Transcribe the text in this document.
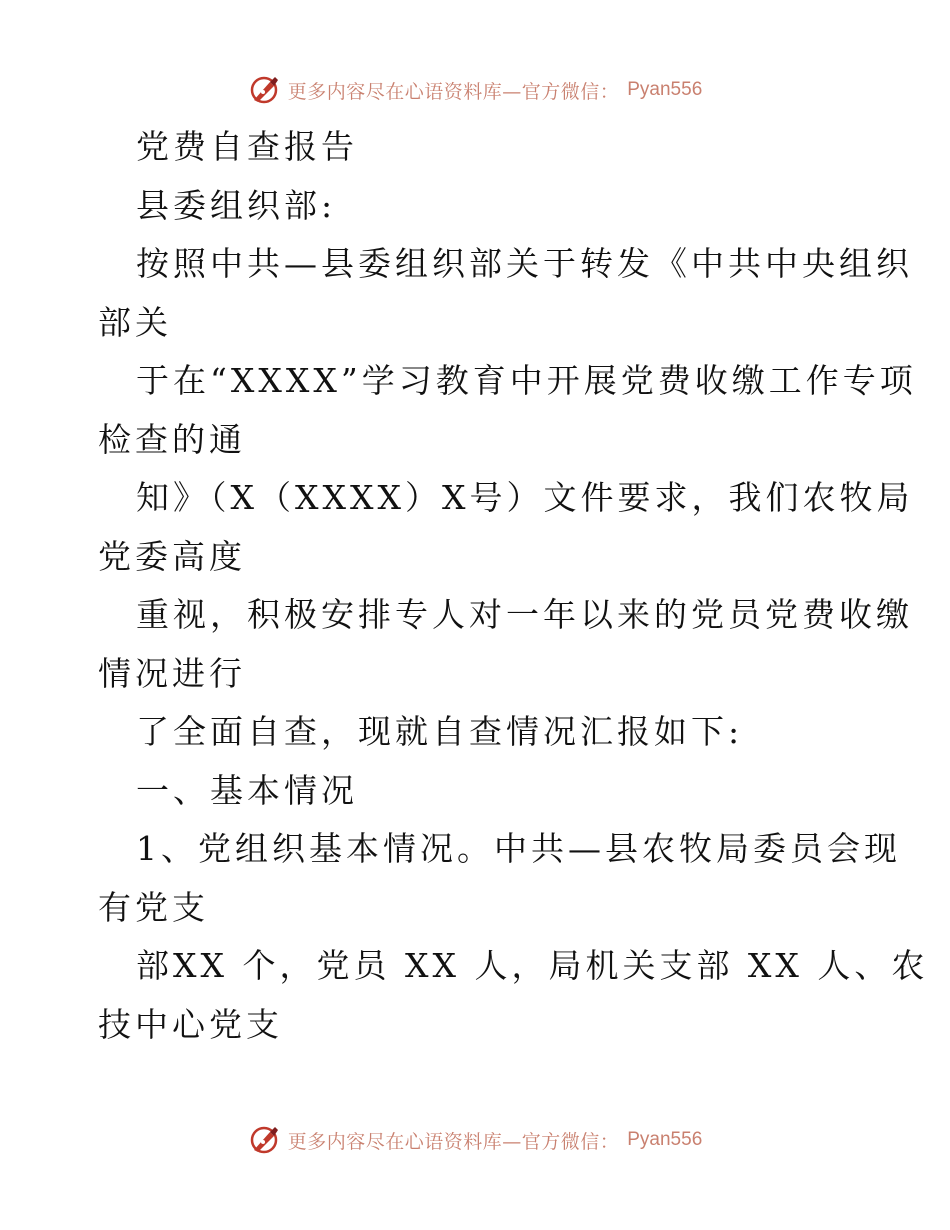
更多内容尽在心语资料库—官方微信： Pyan556
党费自查报告
县委组织部:
按照中共—县委组织部关于转发《中共中央组织
部关
于在“XXXX”学习教育中开展党费收缴工作专项
检查的通
知》（X（XXXX）X号）文件要求，我们农牧局
党委高度
重视，积极安排专人对一年以来的党员党费收缴
情况进行
了全面自查，现就自查情况汇报如下:
一、基本情况
1、党组织基本情况。中共—县农牧局委员会现
有党支
部XX 个，党员 XX 人，局机关支部 XX 人、农
技中心党支
更多内容尽在心语资料库—官方微信： Pyan556
